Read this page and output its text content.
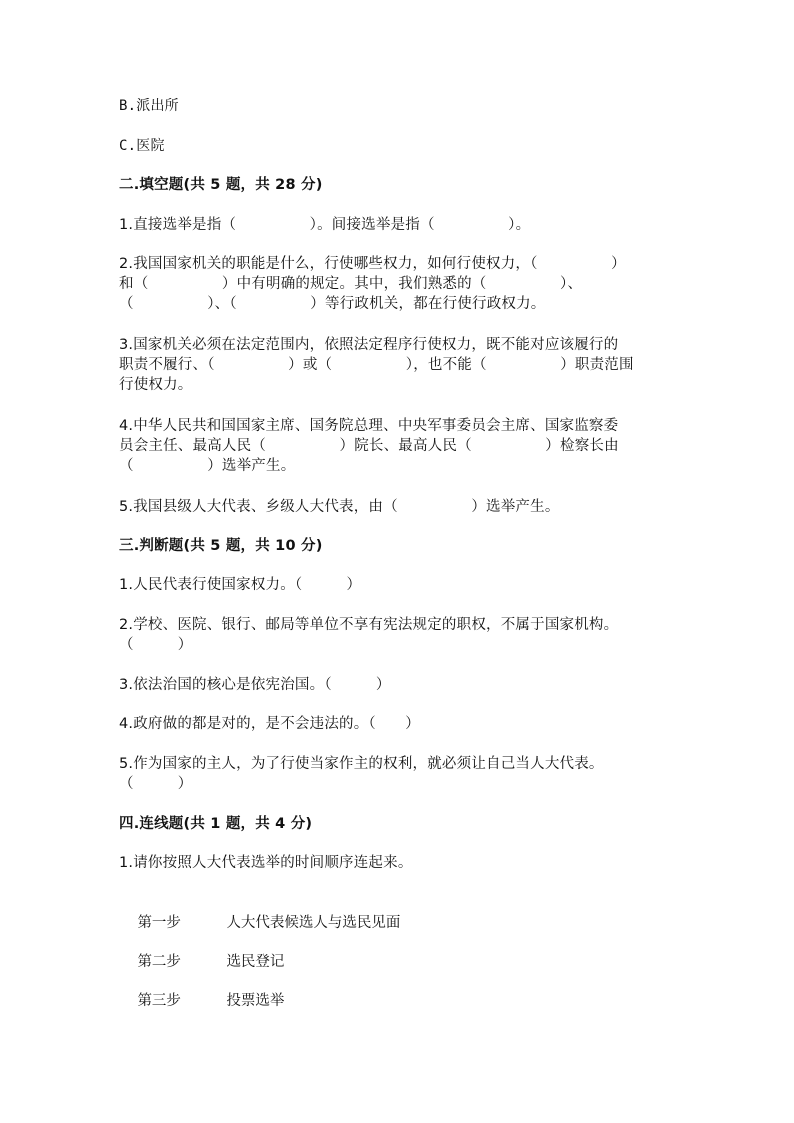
B.派出所
C.医院
二.填空题(共 5 题，共 28 分)
1.直接选举是指（　　　　　）。间接选举是指（　　　　　）。
2.我国国家机关的职能是什么，行使哪些权力，如何行使权力，（　　　　　）
和（　　　　　）中有明确的规定。其中，我们熟悉的（　　　　　）、
（　　　　　）、（　　　　　）等行政机关，都在行使行政权力。
3.国家机关必须在法定范围内，依照法定程序行使权力，既不能对应该履行的
职责不履行、（　　　　　）或（　　　　　），也不能（　　　　　）职责范围
行使权力。
4.中华人民共和国国家主席、国务院总理、中央军事委员会主席、国家监察委
员会主任、最高人民（　　　　　）院长、最高人民（　　　　　）检察长由
（　　　　　）选举产生。
5.我国县级人大代表、乡级人大代表，由（　　　　　）选举产生。
三.判断题(共 5 题，共 10 分)
1.人民代表行使国家权力。（　　　）
2.学校、医院、银行、邮局等单位不享有宪法规定的职权，不属于国家机构。
（　　　）
3.依法治国的核心是依宪治国。（　　　）
4.政府做的都是对的，是不会违法的。（　　）
5.作为国家的主人，为了行使当家作主的权利，就必须让自己当人大代表。
（　　　）
四.连线题(共 1 题，共 4 分)
1.请你按照人大代表选举的时间顺序连起来。

第一步	人大代表候选人与选民见面

第二步	选民登记

第三步	投票选举
